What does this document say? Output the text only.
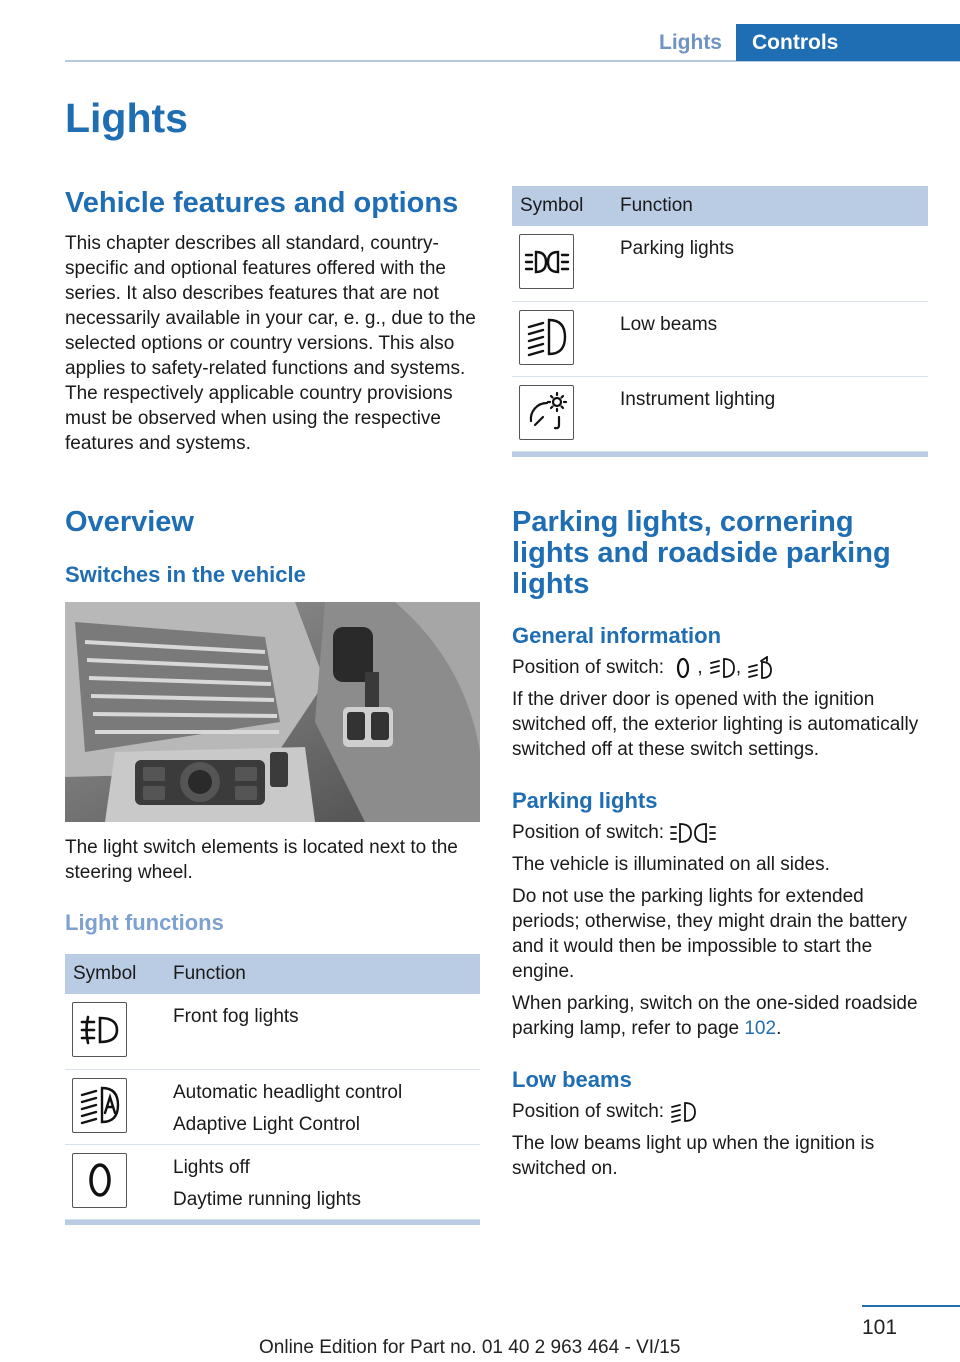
Lights	Controls
Lights
Vehicle features and options

This chapter describes all standard, country-specific and optional features offered with the series. It also describes features that are not necessarily available in your car, e. g., due to the selected options or country versions. This also applies to safety-related functions and systems. The respectively applicable country provisions must be observed when using the respective features and systems.

Overview
Switches in the vehicle

The light switch elements is located next to the steering wheel.

Light functions
Symbol	Function

Front fog lights

Automatic headlight control
Adaptive Light Control

Lights off
Daytime running lights
Symbol	Function

Parking lights

Low beams

Instrument lighting
Parking lights, cornering lights and roadside parking lights
General information

Position of switch: , ,

If the driver door is opened with the ignition switched off, the exterior lighting is automatically switched off at these switch settings.

Parking lights

Position of switch:

The vehicle is illuminated on all sides.

Do not use the parking lights for extended periods; otherwise, they might drain the battery and it would then be impossible to start the engine.

When parking, switch on the one-sided roadside parking lamp, refer to page 102.

Low beams

Position of switch:

The low beams light up when the ignition is switched on.

101
Online Edition for Part no. 01 40 2 963 464 - VI/15
